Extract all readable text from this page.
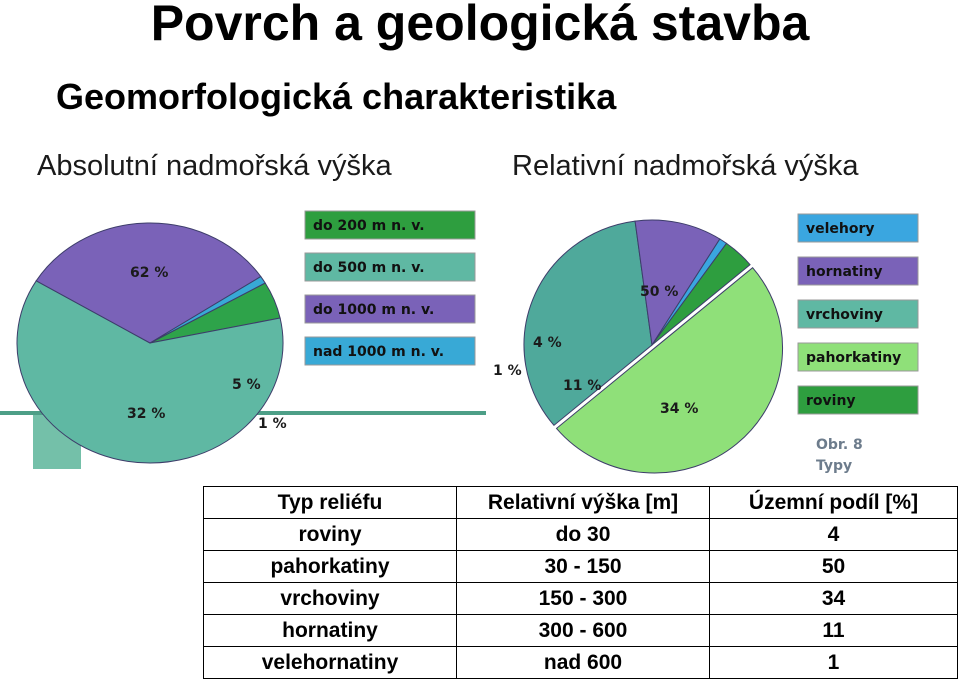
Povrch a geologická stavba
Geomorfologická charakteristika
Absolutní nadmořská výška	Relativní nadmořská výška
5 %
62 %
32 %
1 %
50 %
34 %
11 %
1 %
4 %
do 200 m n. v.
do 500 m n. v.
do 1000 m n. v.
nad 1000 m n. v.
velehory
hornatiny
vrchoviny
pahorkatiny
roviny
Obr. 8
Typy
Typ reliéfu	Relativní výška [m]	Územní podíl [%]
roviny	do 30	4
pahorkatiny	30 - 150	50
vrchoviny	150 - 300	34
hornatiny	300 - 600	11
velehornatiny	nad 600	1
